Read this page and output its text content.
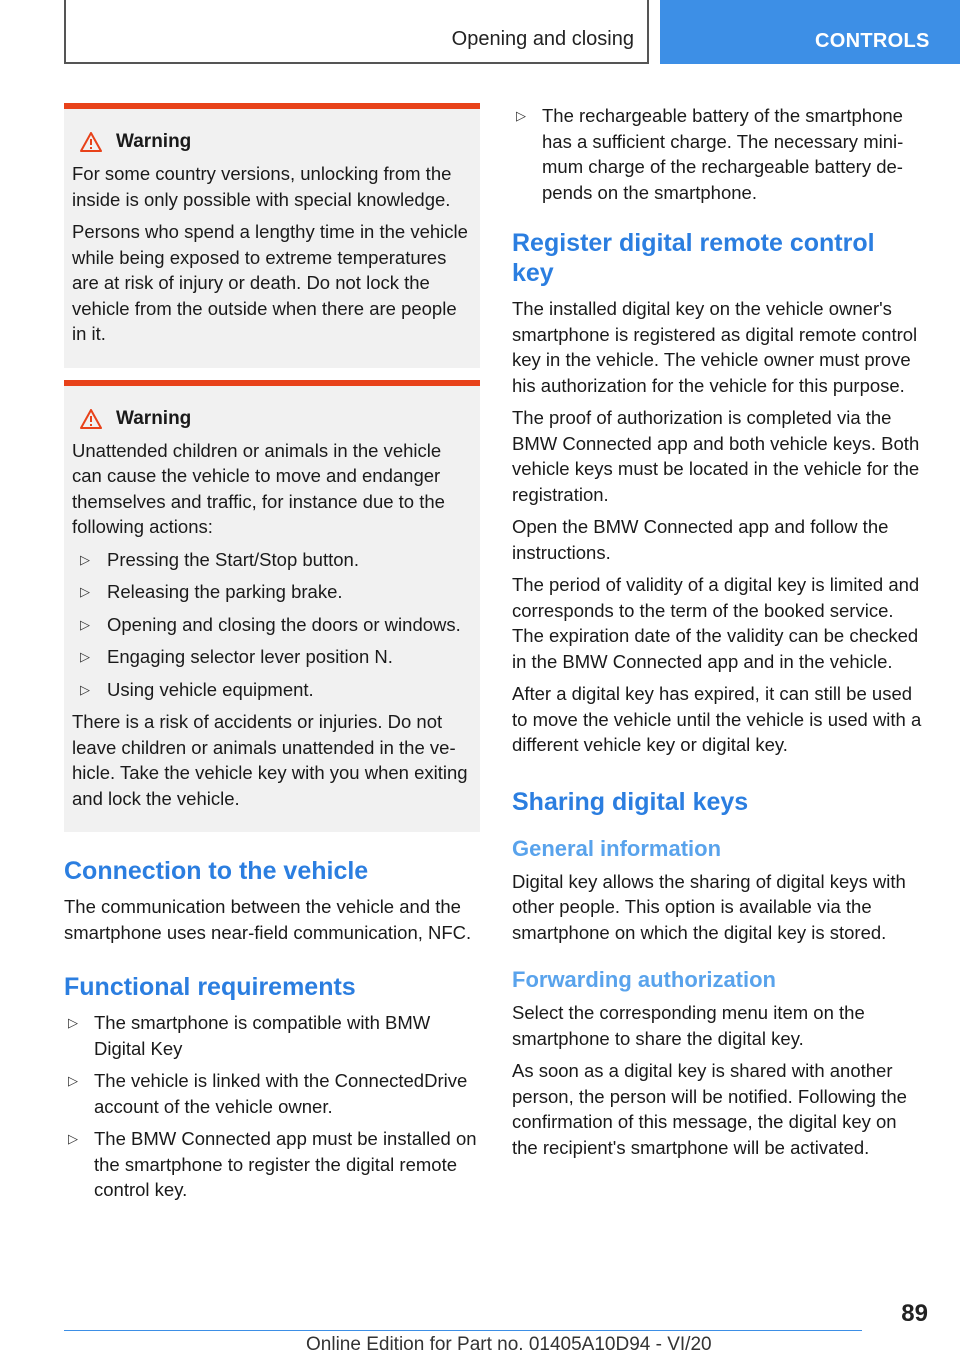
Opening and closing	CONTROLS
Warning

For some country versions, unlocking from the inside is only possible with special knowledge.

Persons who spend a lengthy time in the vehicle while being exposed to extreme temperatures are at risk of injury or death. Do not lock the vehicle from the outside when there are people in it.

Warning

Unattended children or animals in the vehicle can cause the vehicle to move and endanger themselves and traffic, for instance due to the following actions:

▷ Pressing the Start/Stop button.
▷ Releasing the parking brake.
▷ Opening and closing the doors or windows.
▷ Engaging selector lever position N.
▷ Using vehicle equipment.

There is a risk of accidents or injuries. Do not leave children or animals unattended in the vehicle. Take the vehicle key with you when exiting and lock the vehicle.

Connection to the vehicle

The communication between the vehicle and the smartphone uses near-field communication, NFC.

Functional requirements
▷ The smartphone is compatible with BMW Digital Key
▷ The vehicle is linked with the ConnectedDrive account of the vehicle owner.
▷ The BMW Connected app must be installed on the smartphone to register the digital remote control key.
▷ The rechargeable battery of the smartphone has a sufficient charge. The necessary minimum charge of the rechargeable battery depends on the smartphone.
Register digital remote control key

The installed digital key on the vehicle owner's smartphone is registered as digital remote control key in the vehicle. The vehicle owner must prove his authorization for the vehicle for this purpose.

The proof of authorization is completed via the BMW Connected app and both vehicle keys. Both vehicle keys must be located in the vehicle for the registration.

Open the BMW Connected app and follow the instructions.

The period of validity of a digital key is limited and corresponds to the term of the booked service. The expiration date of the validity can be checked in the BMW Connected app and in the vehicle.

After a digital key has expired, it can still be used to move the vehicle until the vehicle is used with a different vehicle key or digital key.

Sharing digital keys
General information

Digital key allows the sharing of digital keys with other people. This option is available via the smartphone on which the digital key is stored.

Forwarding authorization

Select the corresponding menu item on the smartphone to share the digital key.

As soon as a digital key is shared with another person, the person will be notified. Following the confirmation of this message, the digital key on the recipient's smartphone will be activated.

89
Online Edition for Part no. 01405A10D94 - VI/20
